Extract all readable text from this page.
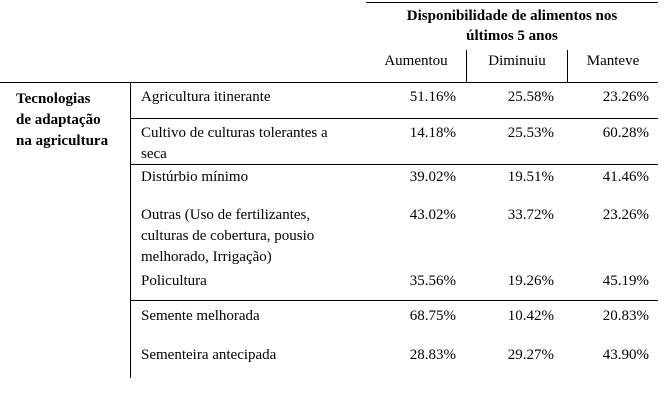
Disponibilidade de alimentos nos
últimos 5 anos
Aumentou	Diminuiu	Manteve
Tecnologias
de adaptação
na agricultura
Agricultura itinerante	51.16%	25.58%	23.26%
Cultivo de culturas tolerantes a
seca
14.18%	25.53%	60.28%
Distúrbio mínimo	39.02%	19.51%	41.46%
Outras (Uso de fertilizantes,
culturas de cobertura, pousio
melhorado, Irrigação)
43.02%	33.72%	23.26%
Policultura	35.56%	19.26%	45.19%
Semente melhorada	68.75%	10.42%	20.83%
Sementeira antecipada	28.83%	29.27%	43.90%
